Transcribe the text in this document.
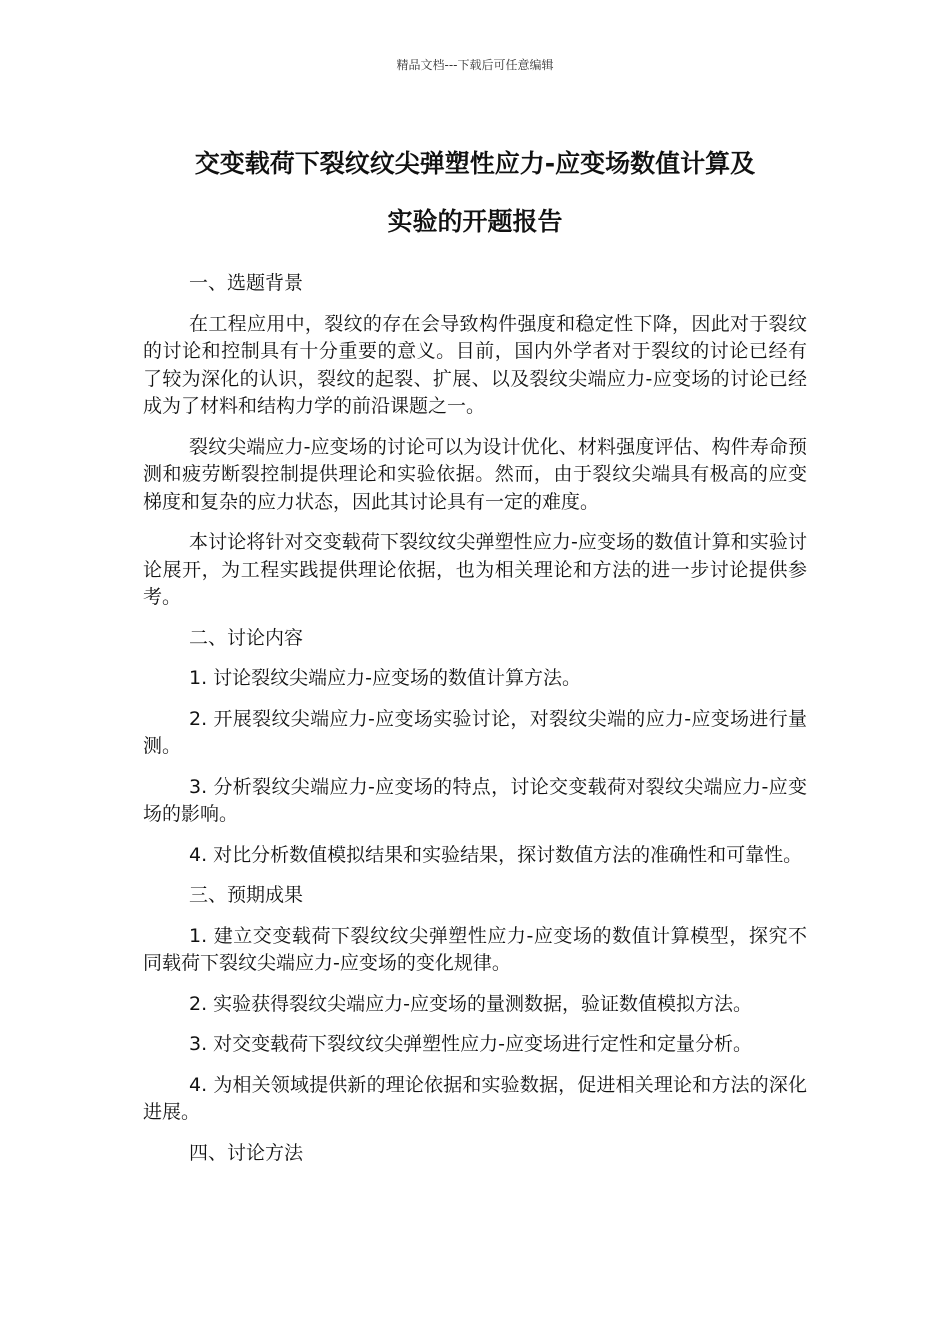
精品文档---下载后可任意编辑
交变载荷下裂纹纹尖弹塑性应力-应变场数值计算及
实验的开题报告

一、选题背景

在工程应用中，裂纹的存在会导致构件强度和稳定性下降，因此对于裂纹的讨论和控制具有十分重要的意义。目前，国内外学者对于裂纹的讨论已经有了较为深化的认识，裂纹的起裂、扩展、以及裂纹尖端应力-应变场的讨论已经成为了材料和结构力学的前沿课题之一。

裂纹尖端应力-应变场的讨论可以为设计优化、材料强度评估、构件寿命预测和疲劳断裂控制提供理论和实验依据。然而，由于裂纹尖端具有极高的应变梯度和复杂的应力状态，因此其讨论具有一定的难度。

本讨论将针对交变载荷下裂纹纹尖弹塑性应力-应变场的数值计算和实验讨论展开，为工程实践提供理论依据，也为相关理论和方法的进一步讨论提供参考。

二、讨论内容

1. 讨论裂纹尖端应力-应变场的数值计算方法。

2. 开展裂纹尖端应力-应变场实验讨论，对裂纹尖端的应力-应变场进行量测。

3. 分析裂纹尖端应力-应变场的特点，讨论交变载荷对裂纹尖端应力-应变场的影响。

4. 对比分析数值模拟结果和实验结果，探讨数值方法的准确性和可靠性。

三、预期成果

1. 建立交变载荷下裂纹纹尖弹塑性应力-应变场的数值计算模型，探究不同载荷下裂纹尖端应力-应变场的变化规律。

2. 实验获得裂纹尖端应力-应变场的量测数据，验证数值模拟方法。

3. 对交变载荷下裂纹纹尖弹塑性应力-应变场进行定性和定量分析。

4. 为相关领域提供新的理论依据和实验数据，促进相关理论和方法的深化进展。

四、讨论方法
